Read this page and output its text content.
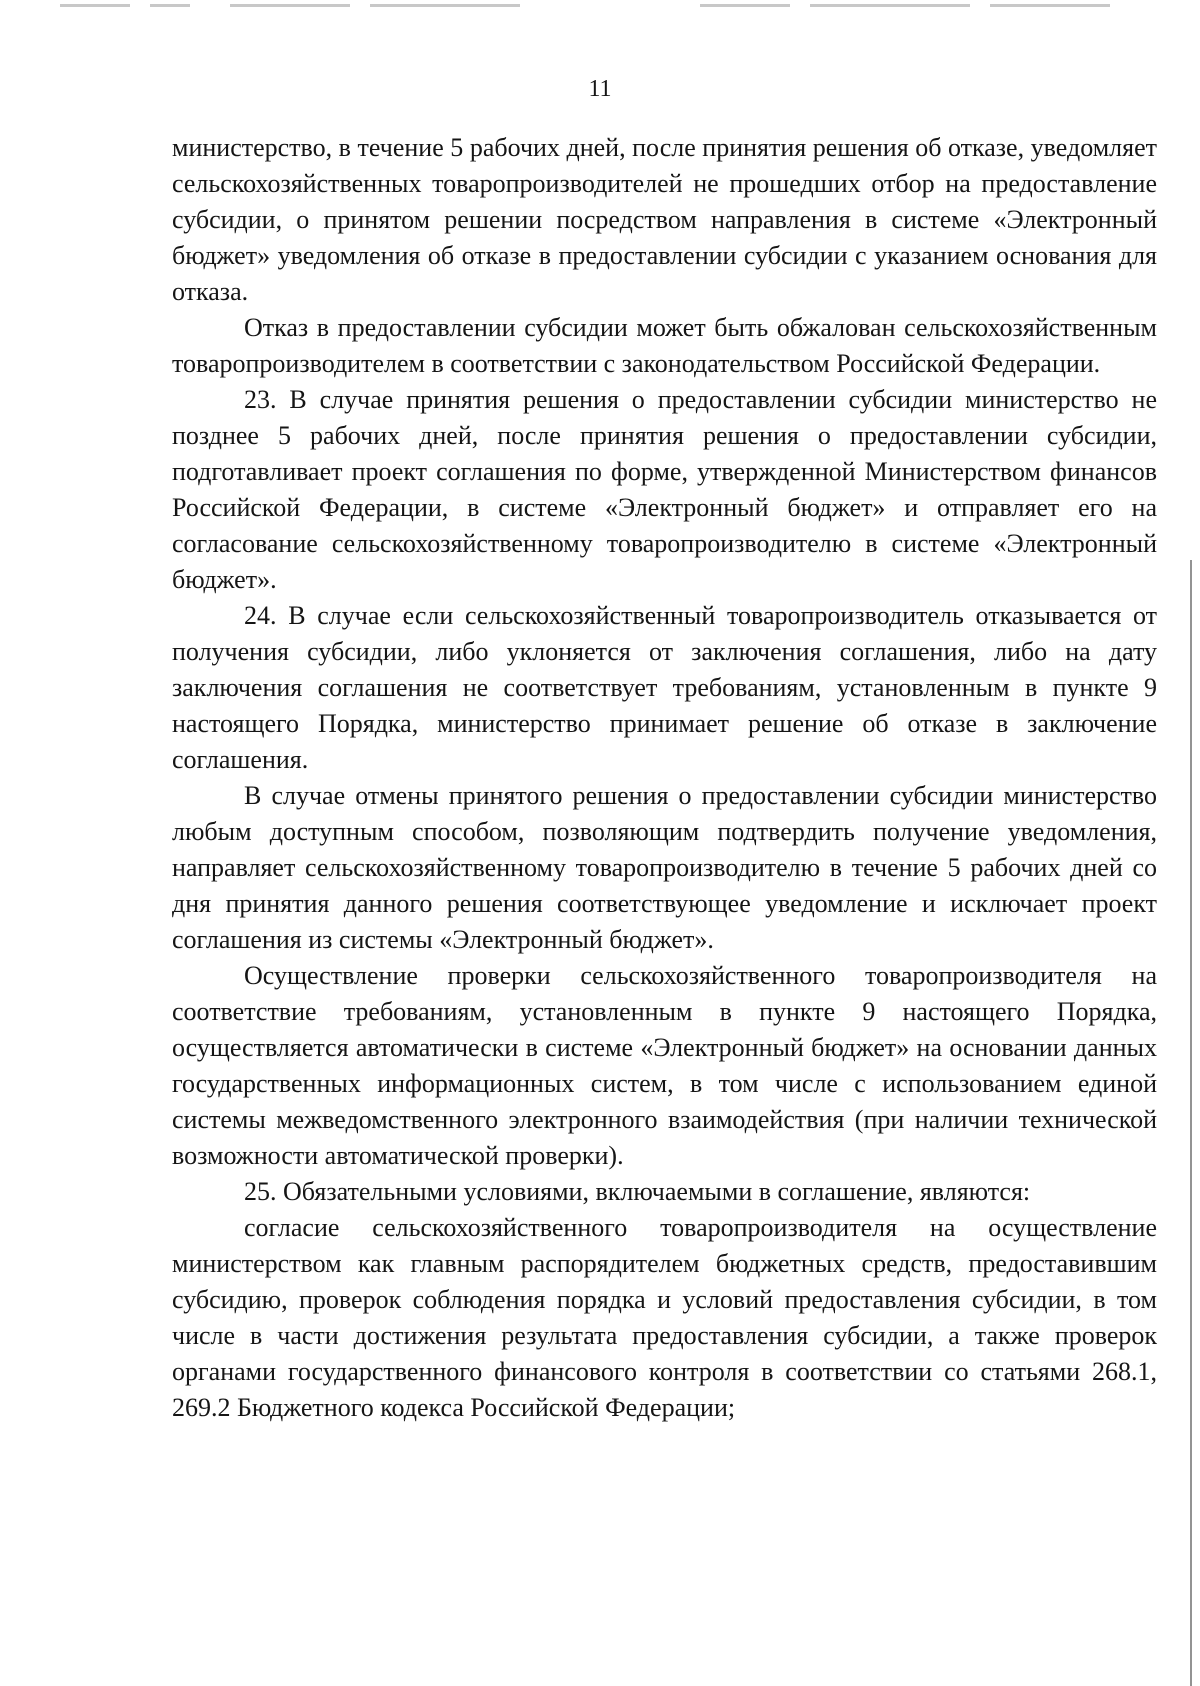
11

министерство, в течение 5 рабочих дней, после принятия решения об отказе, уведомляет сельскохозяйственных товаропроизводителей не прошедших отбор на предоставление субсидии, о принятом решении посредством направления в системе «Электронный бюджет» уведомления об отказе в предоставлении субсидии с указанием основания для отказа.

Отказ в предоставлении субсидии может быть обжалован сельскохозяйственным товаропроизводителем в соответствии с законодательством Российской Федерации.

23. В случае принятия решения о предоставлении субсидии министерство не позднее 5 рабочих дней, после принятия решения о предоставлении субсидии, подготавливает проект соглашения по форме, утвержденной Министерством финансов Российской Федерации, в системе «Электронный бюджет» и отправляет его на согласование сельскохозяйственному товаропроизводителю в системе «Электронный бюджет».

24. В случае если сельскохозяйственный товаропроизводитель отказывается от получения субсидии, либо уклоняется от заключения соглашения, либо на дату заключения соглашения не соответствует требованиям, установленным в пункте 9 настоящего Порядка, министерство принимает решение об отказе в заключение соглашения.

В случае отмены принятого решения о предоставлении субсидии министерство любым доступным способом, позволяющим подтвердить получение уведомления, направляет сельскохозяйственному товаропроизводителю в течение 5 рабочих дней со дня принятия данного решения соответствующее уведомление и исключает проект соглашения из системы «Электронный бюджет».

Осуществление проверки сельскохозяйственного товаропроизводителя на соответствие требованиям, установленным в пункте 9 настоящего Порядка, осуществляется автоматически в системе «Электронный бюджет» на основании данных государственных информационных систем, в том числе с использованием единой системы межведомственного электронного взаимодействия (при наличии технической возможности автоматической проверки).

25. Обязательными условиями, включаемыми в соглашение, являются:

согласие сельскохозяйственного товаропроизводителя на осуществление министерством как главным распорядителем бюджетных средств, предоставившим субсидию, проверок соблюдения порядка и условий предоставления субсидии, в том числе в части достижения результата предоставления субсидии, а также проверок органами государственного финансового контроля в соответствии со статьями 268.1, 269.2 Бюджетного кодекса Российской Федерации;
